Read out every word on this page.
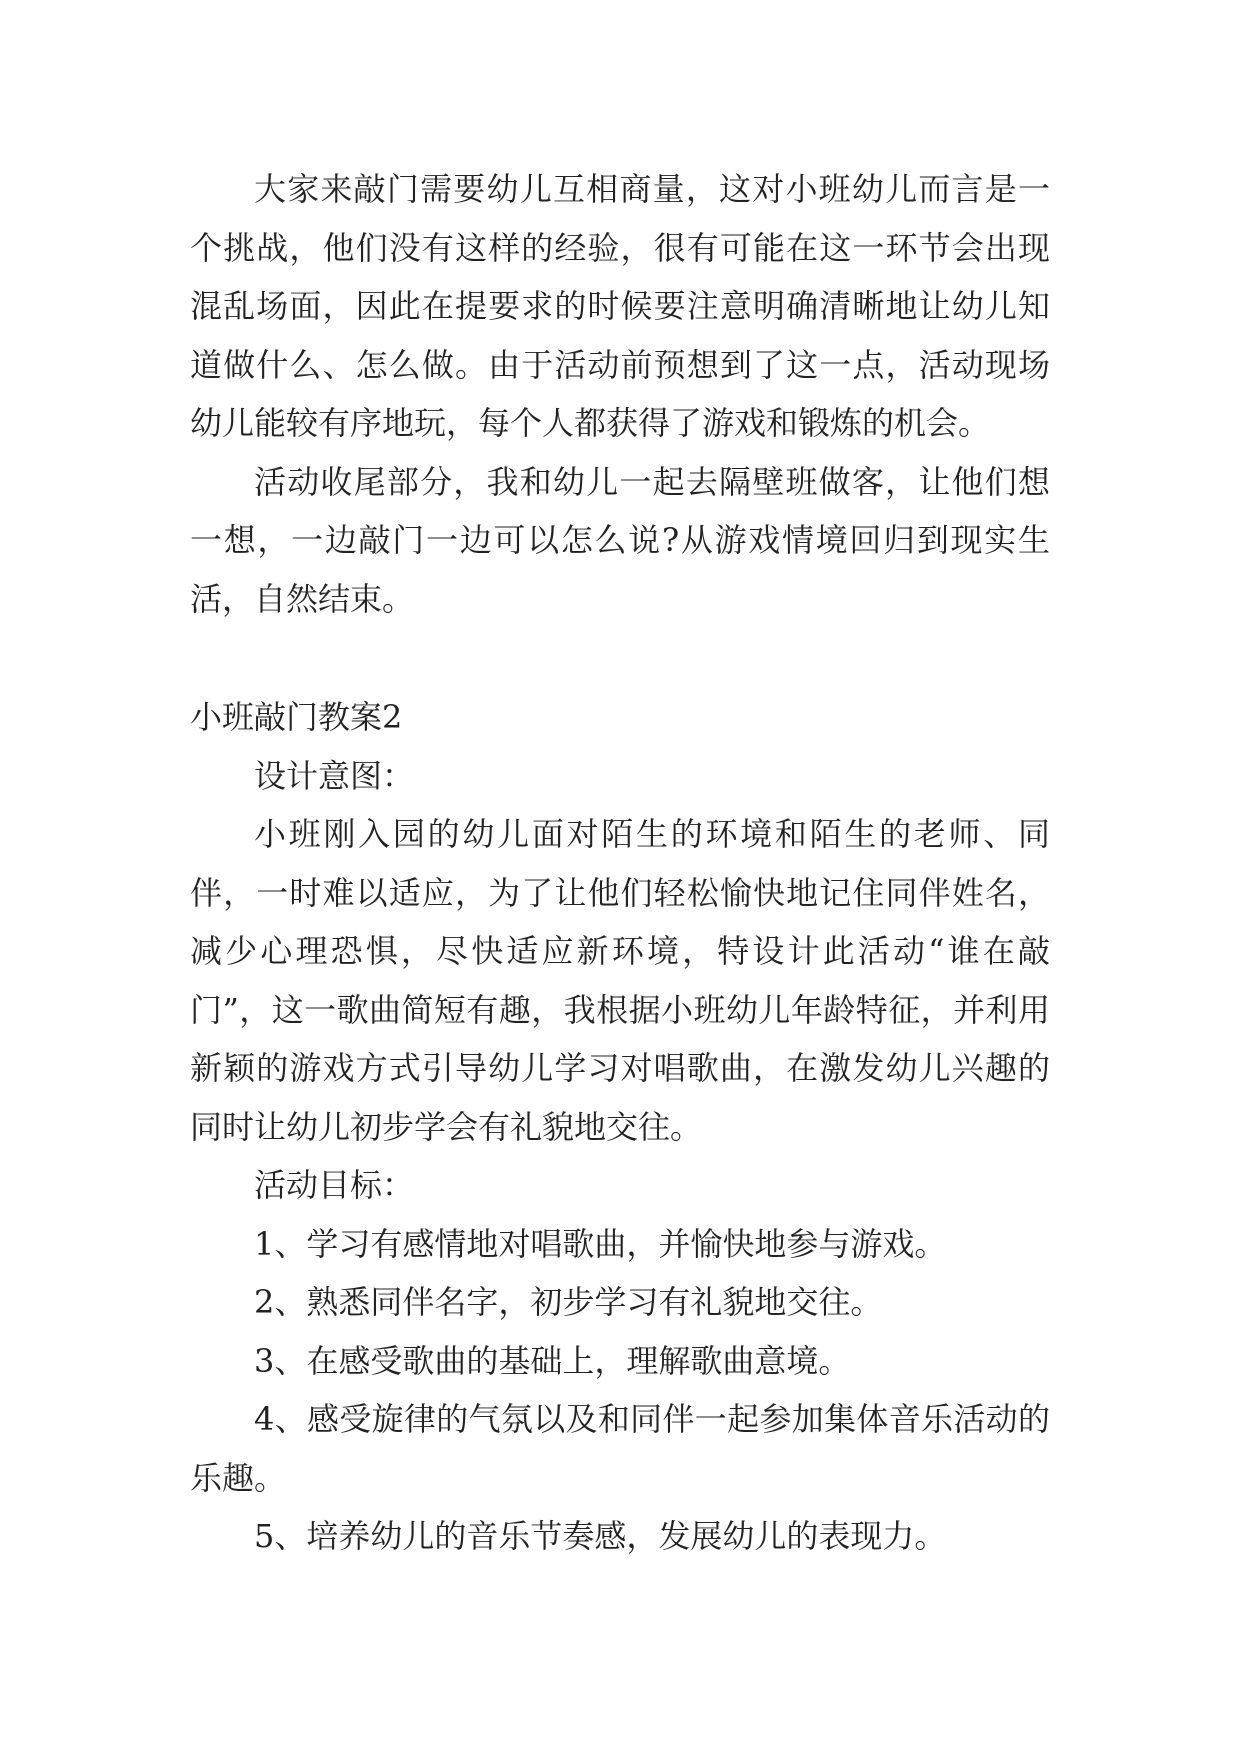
大家来敲门需要幼儿互相商量，这对小班幼儿而言是一个挑战，他们没有这样的经验，很有可能在这一环节会出现混乱场面，因此在提要求的时候要注意明确清晰地让幼儿知道做什么、怎么做。由于活动前预想到了这一点，活动现场幼儿能较有序地玩，每个人都获得了游戏和锻炼的机会。

活动收尾部分，我和幼儿一起去隔壁班做客，让他们想一想，一边敲门一边可以怎么说?从游戏情境回归到现实生活，自然结束。

小班敲门教案2

设计意图：

小班刚入园的幼儿面对陌生的环境和陌生的老师、同伴，一时难以适应，为了让他们轻松愉快地记住同伴姓名，减少心理恐惧，尽快适应新环境，特设计此活动“谁在敲门”，这一歌曲简短有趣，我根据小班幼儿年龄特征，并利用新颖的游戏方式引导幼儿学习对唱歌曲，在激发幼儿兴趣的同时让幼儿初步学会有礼貌地交往。

活动目标：

1、学习有感情地对唱歌曲，并愉快地参与游戏。

2、熟悉同伴名字，初步学习有礼貌地交往。

3、在感受歌曲的基础上，理解歌曲意境。

4、感受旋律的气氛以及和同伴一起参加集体音乐活动的乐趣。

5、培养幼儿的音乐节奏感，发展幼儿的表现力。
